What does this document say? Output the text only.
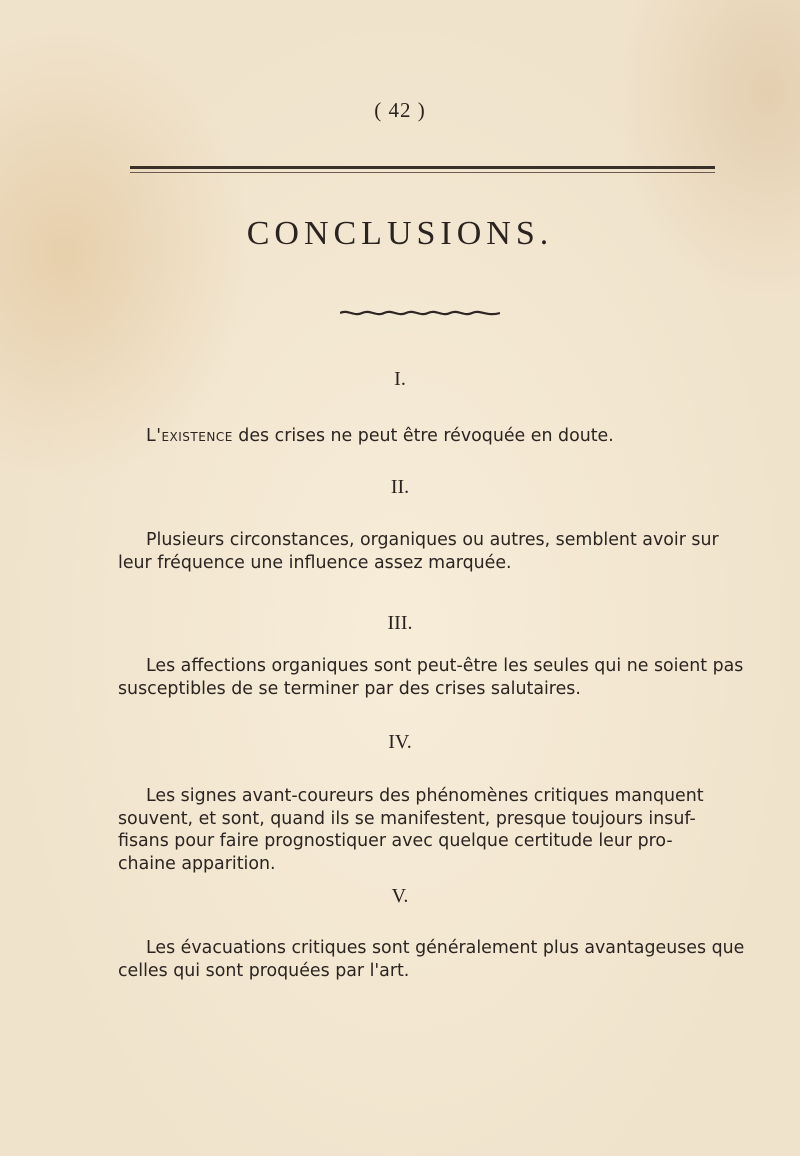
( 42 )
CONCLUSIONS.
I.
L'existence des crises ne peut être révoquée en doute.
II.
Plusieurs circonstances, organiques ou autres, semblent avoir sur
leur fréquence une influence assez marquée.
III.
Les affections organiques sont peut-être les seules qui ne soient pas
susceptibles de se terminer par des crises salutaires.
IV.
Les signes avant-coureurs des phénomènes critiques manquent
souvent, et sont, quand ils se manifestent, presque toujours insuf-
fisans pour faire prognostiquer avec quelque certitude leur pro-
chaine apparition.
V.
Les évacuations critiques sont généralement plus avantageuses que
celles qui sont proquées par l'art.
